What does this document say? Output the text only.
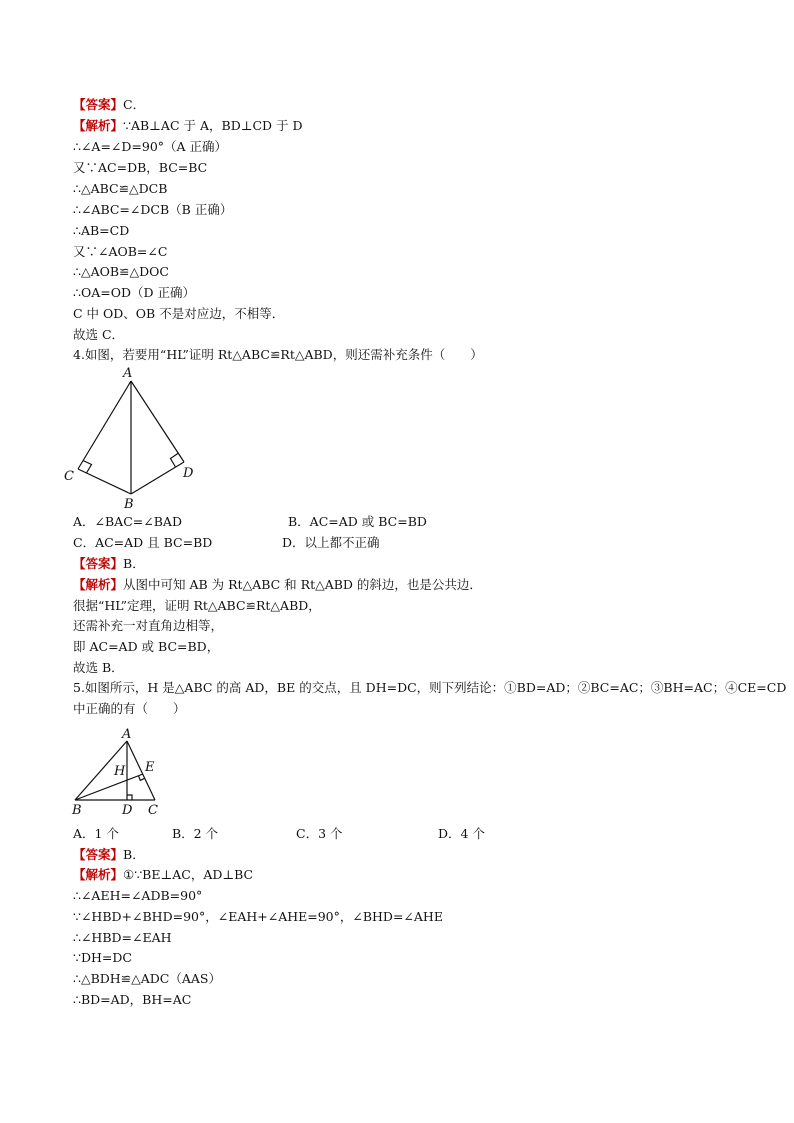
【答案】C．
【解析】∵AB⊥AC 于 A，BD⊥CD 于 D
∴∠A=∠D=90°（A 正确）
又∵AC=DB，BC=BC
∴△ABC≌△DCB
∴∠ABC=∠DCB（B 正确）
∴AB=CD
又∵∠AOB=∠C
∴△AOB≌△DOC
∴OA=OD（D 正确）
C 中 OD、OB 不是对应边，不相等．
故选 C．
4.如图，若要用“HL”证明 Rt△ABC≌Rt△ABD，则还需补充条件（　　）
A
C	D
B
A．∠BAC=∠BAD	B．AC=AD 或 BC=BD
C．AC=AD 且 BC=BD	D．以上都不正确
【答案】B．
【解析】从图中可知 AB 为 Rt△ABC 和 Rt△ABD 的斜边，也是公共边．
很据“HL”定理，证明 Rt△ABC≌Rt△ABD，
还需补充一对直角边相等，
即 AC=AD 或 BC=BD，
故选 B．
5.如图所示，H 是△ABC 的高 AD，BE 的交点，且 DH=DC，则下列结论：①BD=AD；②BC=AC；③BH=AC；④CE=CD
中正确的有（　　）
A
H E
B	D C
A．1 个	B．2 个	C．3 个	D．4 个
【答案】B．
【解析】①∵BE⊥AC，AD⊥BC
∴∠AEH=∠ADB=90°
∵∠HBD+∠BHD=90°，∠EAH+∠AHE=90°，∠BHD=∠AHE
∴∠HBD=∠EAH
∵DH=DC
∴△BDH≌△ADC（AAS）
∴BD=AD，BH=AC
